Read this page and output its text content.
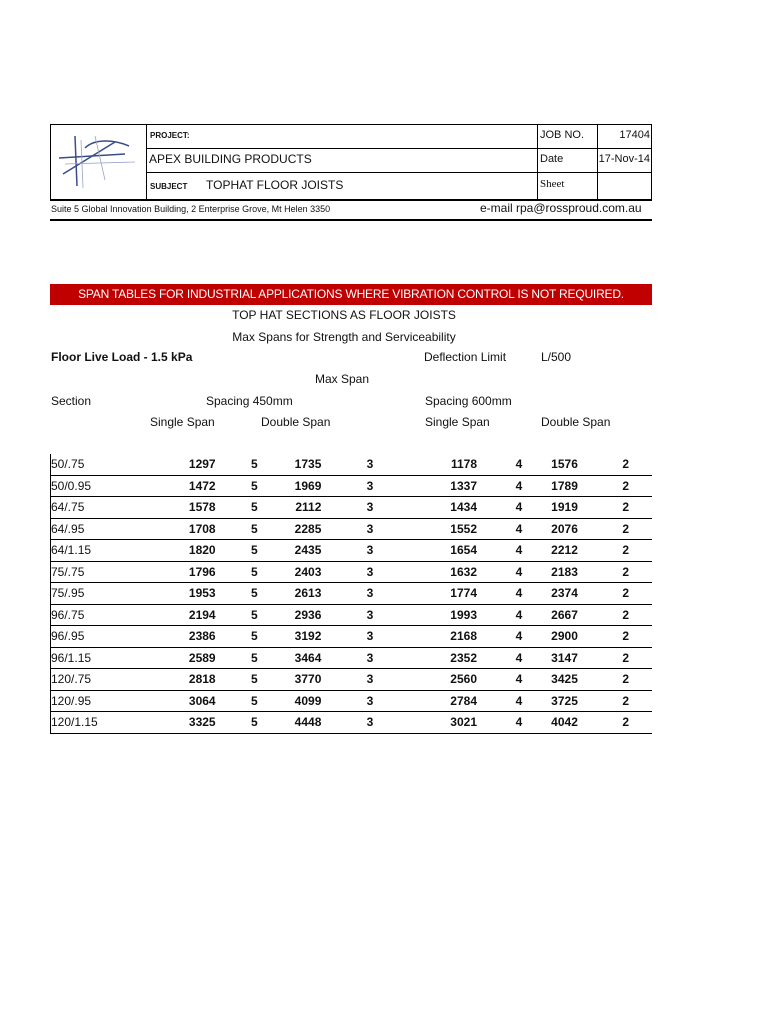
PROJECT:
APEX BUILDING PRODUCTS
SUBJECT TOPHAT FLOOR JOISTS
JOB NO.	17404
Date	17-Nov-14
Sheet
Suite 5 Global Innovation Building, 2 Enterprise Grove, Mt Helen 3350	e-mail rpa@rossproud.com.au
SPAN TABLES FOR INDUSTRIAL APPLICATIONS WHERE VIBRATION CONTROL IS NOT REQUIRED.
TOP HAT SECTIONS AS FLOOR JOISTS
Max Spans for Strength and Serviceability
Floor Live Load - 1.5 kPa	Deflection Limit	L/500
Max Span
Section	Spacing 450mm	Spacing 600mm
Single Span	Double Span	Single Span	Double Span
50/.75	1297	5	1735	3	1178	4	1576	2
50/0.95	1472	5	1969	3	1337	4	1789	2
64/.75	1578	5	2112	3	1434	4	1919	2
64/.95	1708	5	2285	3	1552	4	2076	2
64/1.15	1820	5	2435	3	1654	4	2212	2
75/.75	1796	5	2403	3	1632	4	2183	2
75/.95	1953	5	2613	3	1774	4	2374	2
96/.75	2194	5	2936	3	1993	4	2667	2
96/.95	2386	5	3192	3	2168	4	2900	2
96/1.15	2589	5	3464	3	2352	4	3147	2
120/.75	2818	5	3770	3	2560	4	3425	2
120/.95	3064	5	4099	3	2784	4	3725	2
120/1.15	3325	5	4448	3	3021	4	4042	2
